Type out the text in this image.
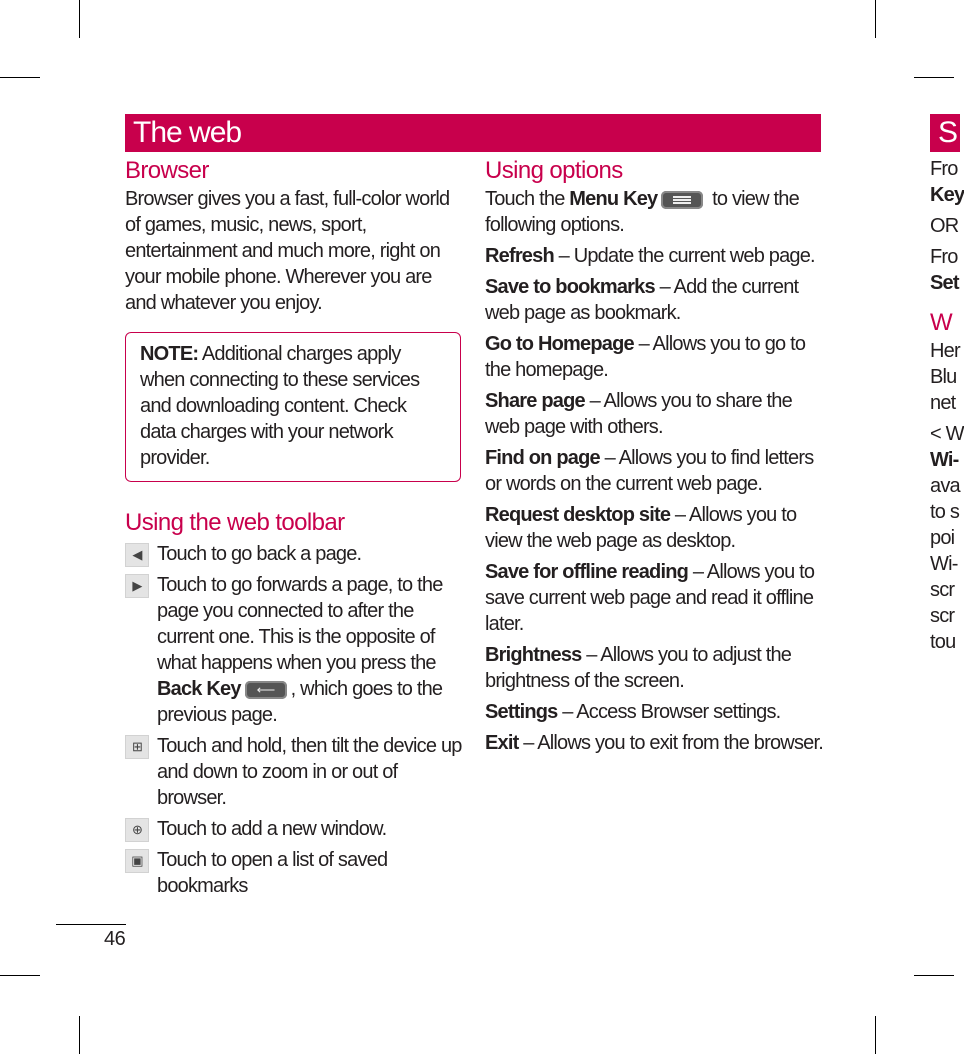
The web	S
Browser

Browser gives you a fast, full-color world of games, music, news, sport, entertainment and much more, right on your mobile phone. Wherever you are and whatever you enjoy.

NOTE: Additional charges apply when connecting to these services and downloading content. Check data charges with your network provider.
Using the web toolbar
◀ Touch to go back a page.
▶ Touch to go forwards a page, to the page you connected to after the current one. This is the opposite of what happens when you press the Back Key ⟵ , which goes to the previous page.
⊞ Touch and hold, then tilt the device up and down to zoom in or out of browser.
⊕ Touch to add a new window.
▣ Touch to open a list of saved bookmarks
Using options

Touch the Menu Key	to view the following options.

Refresh – Update the current web page.

Save to bookmarks – Add the current web page as bookmark.

Go to Homepage – Allows you to go to the homepage.

Share page – Allows you to share the web page with others.

Find on page – Allows you to find letters or words on the current web page.

Request desktop site – Allows you to view the web page as desktop.

Save for offline reading – Allows you to save current web page and read it offline later.

Brightness – Allows you to adjust the brightness of the screen.

Settings – Access Browser settings.

Exit – Allows you to exit from the browser.

Fro
Key
OR
Fro
Set
W
Her
Blu
net
< W
Wi-
ava
to s
poi
Wi-
scr
scr
tou
46
